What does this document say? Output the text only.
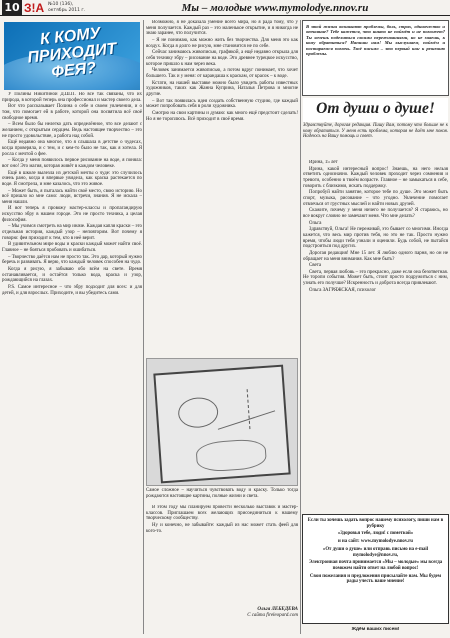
10 З!А №10 (136),
октябрь 2011 г.	Мы – молодые www.mymolodye.nnov.ru
К КОМУ ПРИХОДИТ ФЕЯ?

У Полины Никитиной Д.Ш.П. Но все так связаны, что их природа, в которой теперь она профессионал и мастер своего дела.

Вот что рассказывает Полина о себе и своем увлечении, и о том, что помогает ей в работе, которой она посвятила всё своё свободное время.

– Всем было бы нелегко дать определённое, что все делают с желанием, с открытым сердцем. Ведь настоящее творчество – это не просто удовольствие, а работа над собой.

Ещё недавно она многое, что я слышала в детстве о чудесах, когда проверяла, и с тем, и с кем-то было не так, как я хотела. Я росла с мечтой о фее.

– Когда у меня появилось первое рисование на воде, я поняла: вот оно! Это магия, которая живёт в каждом человеке.

Ещё в школе вылезла из детской мечты о чуде: это случилось очень рано, когда я впервые увидела, как краска растекается по воде. Я смотрела, и мне казалось, что это живое.

– Может быть, я пыталась найти своё место, свою историю. Но всё пришло ко мне само: люди, встречи, знания. Я не искала – меня нашли.

И вот теперь я провожу мастер-классы и пропагандирую искусство эбру в нашем городе. Это не просто техника, а целая философия.

– Мы учимся смотреть на мир иначе. Каждая капля краски – это отдельная история, каждый узор – неповторим. Вот почему я говорю: фея приходит к тем, кто в неё верит.

В удивительном мире воды и краски каждый может найти своё. Главное – не бояться пробовать и ошибаться.

– Творчество даётся нам не просто так. Это дар, который нужно беречь и развивать. Я верю, что каждый человек способен на чудо.

Когда я рисую, я забываю обо всём на свете. Время останавливается, и остаётся только вода, краска и узор, рождающийся на глазах.

Р.S. Самое интересное – что эбру подходит для всех: и для детей, и для взрослых. Приходите, и вы убедитесь сами.

Возможно, я не доказала умение всего мира, но я рада тому, что у меня получается. Каждый раз – это маленькое открытие, и я никогда не знаю заранее, что получится.

– Я не понимаю, как можно жить без творчества. Для меня это как воздух. Когда я долго не рисую, мне становится не по себе.

Сейчас занимаюсь живописью, графикой, а ещё недавно открыла для себя технику эбру – рисование на воде. Это древнее турецкое искусство, которое пришло к нам через века.

Человек занимается живописью, а потом вдруг понимает, что хочет большего. Так и у меня: от карандаша к краскам, от красок – к воде.

Кстати, на нашей выставке можно было увидеть работы известных художников, таких как Жанна Куприна, Наталья Петрова и многие другие.

– Вот так появилась идея создать собственную студию, где каждый может попробовать себя в роли художника.

Смотрю на свои картины и думаю: как много ещё предстоит сделать! Но я не тороплюсь. Всё приходит в своё время.

Самое сложное – научиться чувствовать воду и краску. Только тогда рождаются настоящие картины, полные жизни и света.

В этом году мы планируем провести несколько выставок и мастер-классов. Приглашаем всех желающих присоединиться к нашему творческому сообществу.

Ну и конечно, не забывайте: каждый из нас может стать феей для кого-то.

Ольга ЛЕБЕДЕВА
С сайта fireleopard.com
В этой жизни возникают проблемы, боль, страх, одиночество и отчаяние? Тебе кажется, что никто не поймёт и не поможет? Ты хочешь поделиться своими переживаниями, но не знаешь, к кому обратиться? Напиши нам! Мы выслушаем, поймём и постараемся помочь. Твоё письмо – это первый шаг к решению проблемы.
От души о душе!
Здравствуйте, дорогая редакция. Пишу Вам, потому что больше не к кому обратиться. У меня есть проблема, которая не даёт мне покоя. Надеюсь на Вашу помощь и совет.

Ирина, 15 лет

Ирина, какой интересный вопрос! Знаешь, на него нельзя ответить однозначно. Каждый человек проходит через сомнения и тревоги, особенно в твоём возрасте. Главное – не замыкаться в себе, говорить с близкими, искать поддержку.

Попробуй найти занятие, которое тебе по душе. Это может быть спорт, музыка, рисование – что угодно. Увлечение помогает отвлечься от грустных мыслей и найти новых друзей.

Скажите, почему у меня ничего не получается? Я стараюсь, но все вокруг словно не замечают меня. Что мне делать?

Ольга

Здравствуй, Ольга! Не переживай, это бывает со многими. Иногда кажется, что весь мир против тебя, но это не так. Просто нужно время, чтобы люди тебя узнали и оценили. Будь собой, не пытайся подстроиться под других.

Дорогая редакция! Мне 15 лет. Я люблю одного парня, но он не обращает на меня внимания. Как мне быть?

Света

Света, первая любовь – это прекрасно, даже если она безответная. Не торопи события. Может быть, стоит просто подружиться с ним, узнать его получше? Искренность и доброта всегда привлекают.

Ольга ЗАГРЯЖСКАЯ, психолог

Если ты хочешь задать вопрос нашему психологу, пиши нам в рубрику

«Здоровья тебе, люди! с пометкой»

и на сайт: www.mymolodye.nnov.ru

«От души о душе» или отправь письмо на e-mail mymolodye@nnov.ru,

Электронная почта принимается «Мы – молодые» мы всегда поможем найти ответ на любой вопрос!

Свои пожелания и предложения присылайте нам. Мы будем рады учесть ваше мнение!

Ждём ваших писем!
